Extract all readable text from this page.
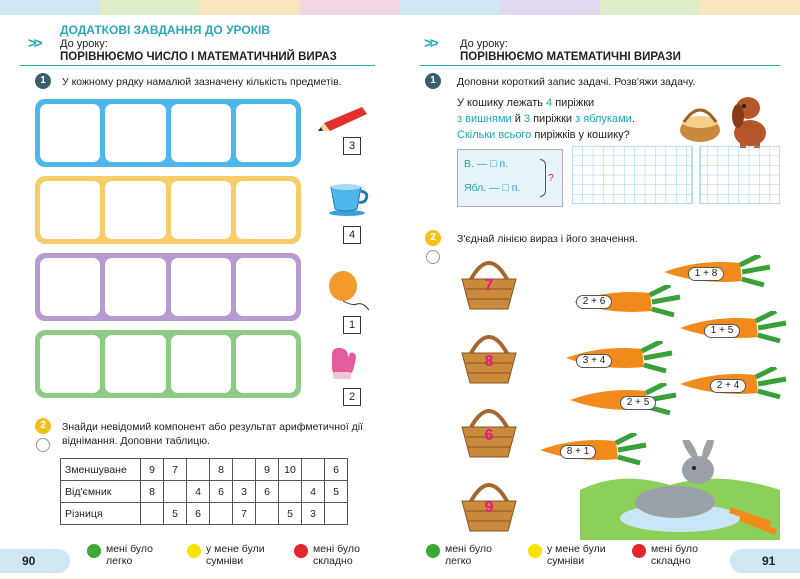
>>
ДОДАТКОВІ ЗАВДАННЯ ДО УРОКІВ
До уроку:
ПОРІВНЮЄМО ЧИСЛО І МАТЕМАТИЧНИЙ ВИРАЗ
1	У кожному рядку намалюй зазначену кількість предметів.
3
4
1
2
2	Знайди невідомий компонент або результат арифметичної дії віднімання. Доповни таблицю.
Зменшуване	9	7		8		9	10		6
Від'ємник	8		4	6	3	6		4	5
Різниця		5	6		7		5	3	
90
мені було легко
у мене були сумніви
мені було складно
>> До уроку:
ПОРІВНЮЄМО МАТЕМАТИЧНІ ВИРАЗИ
1	Доповни короткий запис задачі. Розв'яжи задачу.
У кошику лежать 4 пиріжки
з вишнями й 3 пиріжки з яблуками.
Скільки всього пиріжків у кошику?
В. — □ п.
Ябл. — □ п.
?
2	З'єднай лінією вираз і його значення.
7
8
6
9
1 + 8
2 + 6
1 + 5
3 + 4
2 + 4
2 + 5
8 + 1
91
мені було легко
у мене були сумніви
мені було складно
